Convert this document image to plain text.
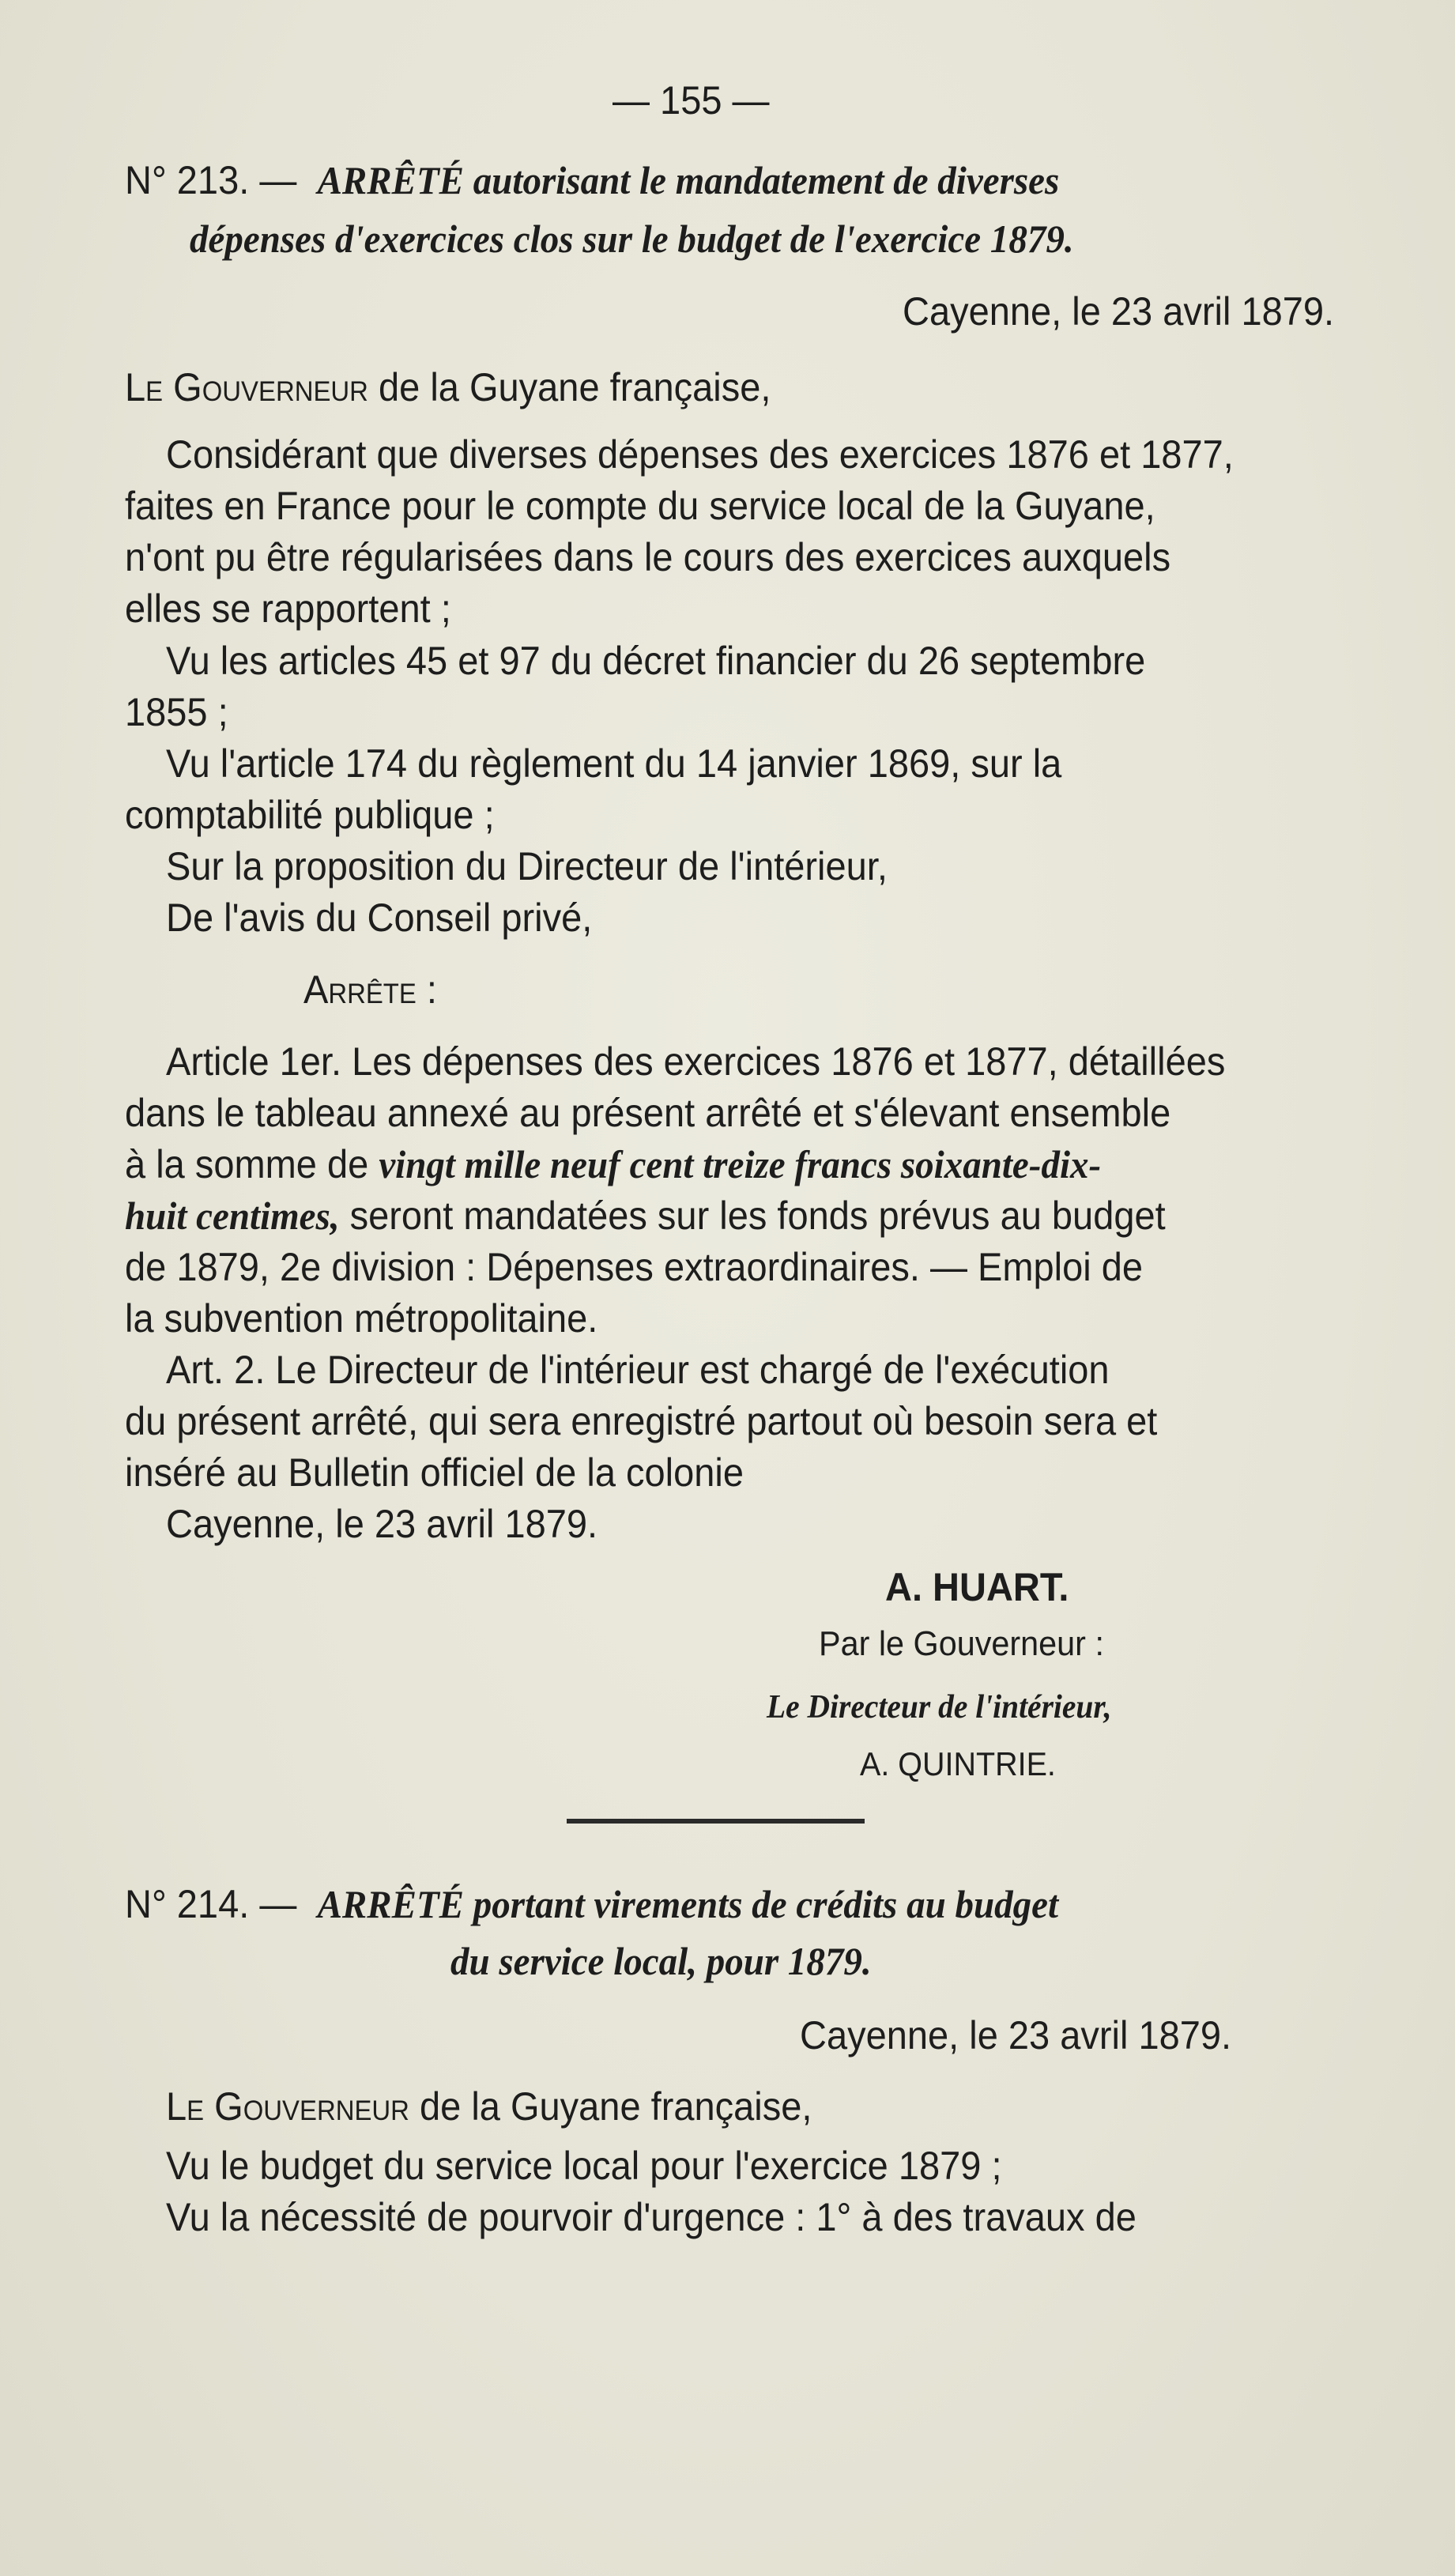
— 155 —
N° 213. — ARRÊTÉ autorisant le mandatement de diverses
dépenses d'exercices clos sur le budget de l'exercice 1879.
Cayenne, le 23 avril 1879.
Le Gouverneur de la Guyane française,
Considérant que diverses dépenses des exercices 1876 et 1877,
faites en France pour le compte du service local de la Guyane,
n'ont pu être régularisées dans le cours des exercices auxquels
elles se rapportent ;
Vu les articles 45 et 97 du décret financier du 26 septembre
1855 ;
Vu l'article 174 du règlement du 14 janvier 1869, sur la
comptabilité publique ;
Sur la proposition du Directeur de l'intérieur,
De l'avis du Conseil privé,
Arrête :
Article 1er. Les dépenses des exercices 1876 et 1877, détaillées
dans le tableau annexé au présent arrêté et s'élevant ensemble
à la somme de vingt mille neuf cent treize francs soixante-dix-
huit centimes, seront mandatées sur les fonds prévus au budget
de 1879, 2e division : Dépenses extraordinaires. — Emploi de
la subvention métropolitaine.
Art. 2. Le Directeur de l'intérieur est chargé de l'exécution
du présent arrêté, qui sera enregistré partout où besoin sera et
inséré au Bulletin officiel de la colonie
Cayenne, le 23 avril 1879.
A. HUART.
Par le Gouverneur :
Le Directeur de l'intérieur,
A. QUINTRIE.
N° 214. — ARRÊTÉ portant virements de crédits au budget
du service local, pour 1879.
Cayenne, le 23 avril 1879.
Le Gouverneur de la Guyane française,
Vu le budget du service local pour l'exercice 1879 ;
Vu la nécessité de pourvoir d'urgence : 1° à des travaux de
